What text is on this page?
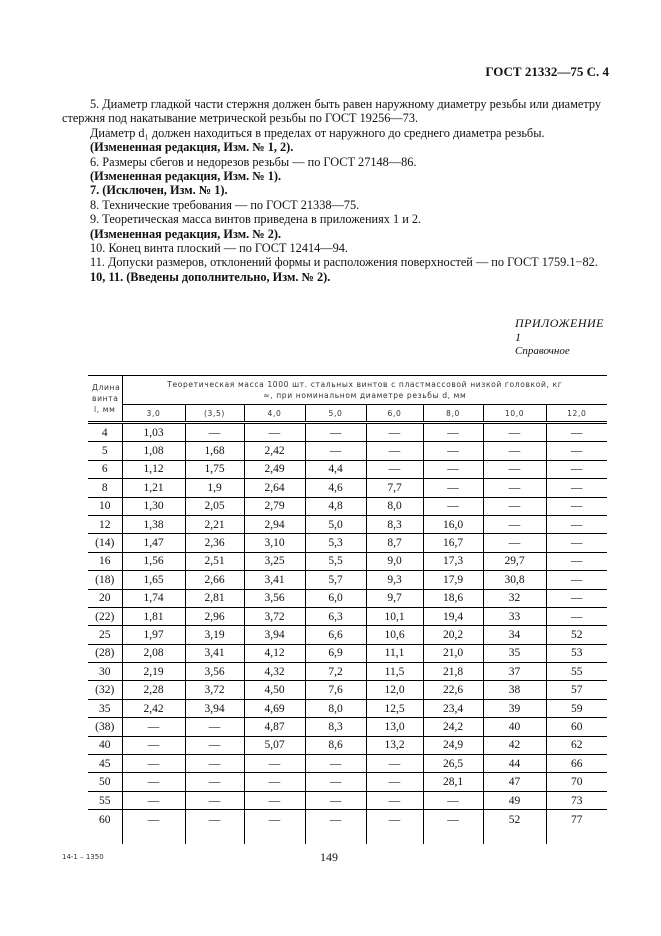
ГОСТ 21332—75 С. 4

5. Диаметр гладкой части стержня должен быть равен наружному диаметру резьбы или диаметру стержня под накатывание метрической резьбы по ГОСТ 19256—73.

Диаметр d₁ должен находиться в пределах от наружного до среднего диаметра резьбы.

(Измененная редакция, Изм. № 1, 2).

6. Размеры сбегов и недорезов резьбы — по ГОСТ 27148—86.

(Измененная редакция, Изм. № 1).

7. (Исключен, Изм. № 1).

8. Технические требования — по ГОСТ 21338—75.

9. Теоретическая масса винтов приведена в приложениях 1 и 2.

(Измененная редакция, Изм. № 2).

10. Конец винта плоский — по ГОСТ 12414—94.

11. Допуски размеров, отклонений формы и расположения поверхностей — по ГОСТ 1759.1−82.

10, 11. (Введены дополнительно, Изм. № 2).

ПРИЛОЖЕНИЕ 1
Справочное
Длина винта l, мм	Теоретическая масса 1000 шт. стальных винтов с пластмассовой низкой головкой, кг ≈, при номинальном диаметре резьбы d, мм							
	3,0	(3,5)	4,0	5,0	6,0	8,0	10,0	12,0
4	1,03	—	—	—	—	—	—	—
5	1,08	1,68	2,42	—	—	—	—	—
6	1,12	1,75	2,49	4,4	—	—	—	—
8	1,21	1,9	2,64	4,6	7,7	—	—	—
10	1,30	2,05	2,79	4,8	8,0	—	—	—
12	1,38	2,21	2,94	5,0	8,3	16,0	—	—
(14)	1,47	2,36	3,10	5,3	8,7	16,7	—	—
16	1,56	2,51	3,25	5,5	9,0	17,3	29,7	—
(18)	1,65	2,66	3,41	5,7	9,3	17,9	30,8	—
20	1,74	2,81	3,56	6,0	9,7	18,6	32	—
(22)	1,81	2,96	3,72	6,3	10,1	19,4	33	—
25	1,97	3,19	3,94	6,6	10,6	20,2	34	52
(28)	2,08	3,41	4,12	6,9	11,1	21,0	35	53
30	2,19	3,56	4,32	7,2	11,5	21,8	37	55
(32)	2,28	3,72	4,50	7,6	12,0	22,6	38	57
35	2,42	3,94	4,69	8,0	12,5	23,4	39	59
(38)	—	—	4,87	8,3	13,0	24,2	40	60
40	—	—	5,07	8,6	13,2	24,9	42	62
45	—	—	—	—	—	26,5	44	66
50	—	—	—	—	—	28,1	47	70
55	—	—	—	—	—	—	49	73
60	—	—	—	—	—	—	52	77
14-1 – 1350	149
